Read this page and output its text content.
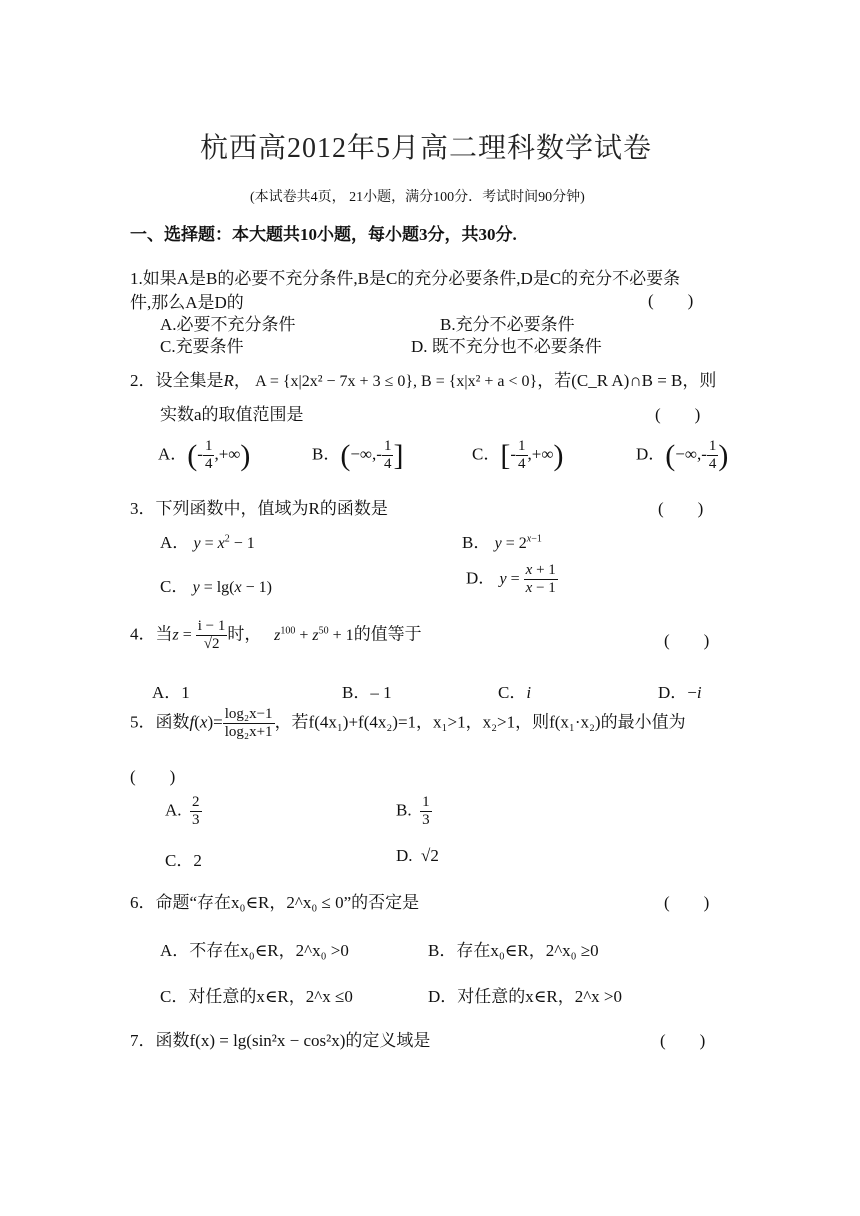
杭西高2012年5月高二理科数学试卷
(本试卷共4页， 21小题，满分100分．考试时间90分钟)
一、选择题：本大题共10小题，每小题3分，共30分.
1.如果A是B的必要不充分条件,B是C的充分必要条件,D是C的充分不必要条
件,那么A是D的	(　　)
A.必要不充分条件	B.充分不必要条件
C.充要条件	D. 既不充分也不必要条件
2．设全集是R， A = {x|2x² − 7x + 3 ≤ 0}, B = {x|x² + a < 0}，若(C_R A)∩B = B，则
实数a的取值范围是	(　　)
A．(- $\frac{1}{4}$ ,+∞)	B．(−∞,- $\frac{1}{4}$ ]	C．[- $\frac{1}{4}$ ,+∞)	D．(−∞,- $\frac{1}{4}$ )
3．下列函数中，值域为R的函数是	(　　)
A． $y = x^2 - 1$	B． $y = 2^{x-1}$
C． y = lg(x − 1)	D． $y = \frac{x + 1}{x - 1}$
4．当$z = \frac{i - 1}{√2}$ 时， $z^{100} + z^{50} + 1$的值等于	(　　)
A．1	B．– 1	C．i	D．−i
5．函数$f(x)= \frac{\text{log₂x−1}}{\text{log₂x+1}}$ ，若f(4x₁)+f(4x₂)=1，x₁>1，x₂>1，则f(x₁·x₂)的最小值为
(　　)
A. $\frac{2}{3}$	B. $\frac{1}{3}$
C．2	D.  √2
6．命题“存在x₀∈R，2^x₀ ≤ 0”的否定是	(　　)
A．不存在x₀∈R，2^x₀ >0	B．存在x₀∈R，2^x₀ ≥0
C．对任意的x∈R，2^x ≤0	D．对任意的x∈R，2^x >0
7．函数f(x) = lg(sin²x − cos²x)的定义域是	(　　)
